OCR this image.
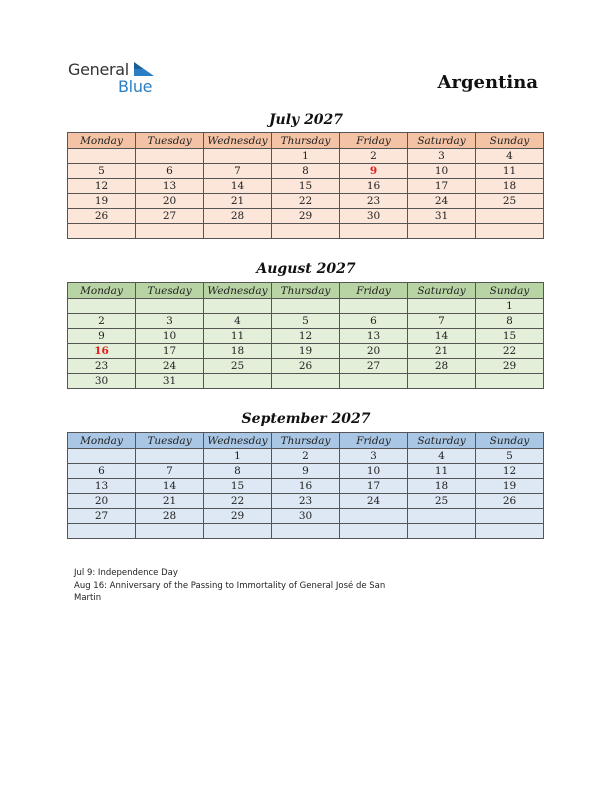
General
Blue	Argentina
July 2027
Monday	Tuesday	Wednesday	Thursday	Friday	Saturday	Sunday
			1	2	3	4
5	6	7	8	9	10	11
12	13	14	15	16	17	18
19	20	21	22	23	24	25
26	27	28	29	30	31	

August 2027
Monday	Tuesday	Wednesday	Thursday	Friday	Saturday	Sunday
						1
2	3	4	5	6	7	8
9	10	11	12	13	14	15
16	17	18	19	20	21	22
23	24	25	26	27	28	29
30	31					
September 2027
Monday	Tuesday	Wednesday	Thursday	Friday	Saturday	Sunday
		1	2	3	4	5
6	7	8	9	10	11	12
13	14	15	16	17	18	19
20	21	22	23	24	25	26
27	28	29	30			

Jul 9: Independence Day
Aug 16: Anniversary of the Passing to Immortality of General José de San
Martin
